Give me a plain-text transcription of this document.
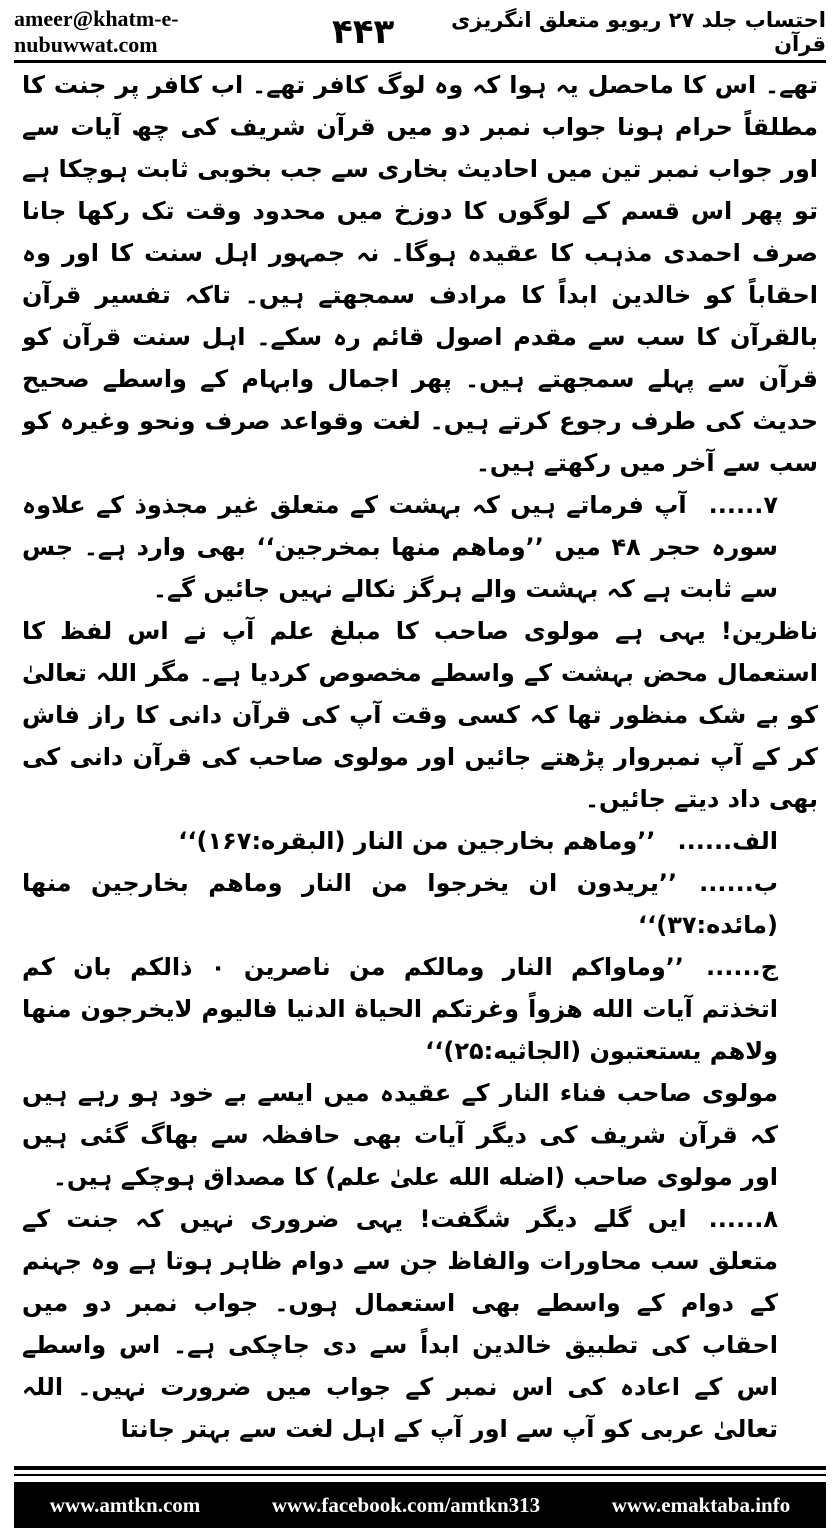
ameer@khatm-e-nubuwwat.com	۴۴۳	احتساب جلد ۲۷ ریویو متعلق انگریزی قرآن

تھے۔ اس کا ماحصل یہ ہوا کہ وہ لوگ کافر تھے۔ اب کافر پر جنت کا مطلقاً حرام ہونا جواب نمبر دو میں قرآن شریف کی چھ آیات سے اور جواب نمبر تین میں احادیث بخاری سے جب بخوبی ثابت ہوچکا ہے تو پھر اس قسم کے لوگوں کا دوزخ میں محدود وقت تک رکھا جانا صرف احمدی مذہب کا عقیدہ ہوگا۔ نہ جمہور اہل سنت کا اور وہ احقاباً کو خالدین ابداً کا مرادف سمجھتے ہیں۔ تاکہ تفسیر قرآن بالقرآن کا سب سے مقدم اصول قائم رہ سکے۔ اہل سنت قرآن کو قرآن سے پہلے سمجھتے ہیں۔ پھر اجمال وابہام کے واسطے صحیح حدیث کی طرف رجوع کرتے ہیں۔ لغت وقواعد صرف ونحو وغیرہ کو سب سے آخر میں رکھتے ہیں۔

۷......آپ فرماتے ہیں کہ بہشت کے متعلق غیر مجذوذ کے علاوہ سورہ حجر ۴۸ میں ’’وماهم منها بمخرجين‘‘ بھی وارد ہے۔ جس سے ثابت ہے کہ بہشت والے ہرگز نکالے نہیں جائیں گے۔

ناظرین! یہی ہے مولوی صاحب کا مبلغ علم آپ نے اس لفظ کا استعمال محض بہشت کے واسطے مخصوص کردیا ہے۔ مگر اللہ تعالیٰ کو بے شک منظور تھا کہ کسی وقت آپ کی قرآن دانی کا راز فاش کر کے آپ نمبروار پڑھتے جائیں اور مولوی صاحب کی قرآن دانی کی بھی داد دیتے جائیں۔

الف......’’وماهم بخارجين من النار (البقره:۱۶۷)‘‘

ب......’’يريدون ان يخرجوا من النار وماهم بخارجين منها (مائده:۳۷)‘‘

ج......’’وماواكم النار ومالكم من ناصرين ۰ ذالكم بان كم اتخذتم آيات الله هزواً وغرتكم الحياة الدنيا فاليوم لايخرجون منها ولاهم يستعتبون (الجاثيه:۲۵)‘‘

مولوی صاحب فناء النار کے عقیدہ میں ایسے بے خود ہو رہے ہیں کہ قرآن شریف کی دیگر آیات بھی حافظہ سے بھاگ گئی ہیں اور مولوی صاحب (اضله الله علىٰ علم) کا مصداق ہوچکے ہیں۔

۸......ایں گلے دیگر شگفت! یہی ضروری نہیں کہ جنت کے متعلق سب محاورات والفاظ جن سے دوام ظاہر ہوتا ہے وہ جہنم کے دوام کے واسطے بھی استعمال ہوں۔ جواب نمبر دو میں احقاب کی تطبیق خالدین ابداً سے دی جاچکی ہے۔ اس واسطے اس کے اعادہ کی اس نمبر کے جواب میں ضرورت نہیں۔ اللہ تعالیٰ عربی کو آپ سے اور آپ کے اہل لغت سے بہتر جانتا

www.amtkn.com	www.facebook.com/amtkn313	www.emaktaba.info
